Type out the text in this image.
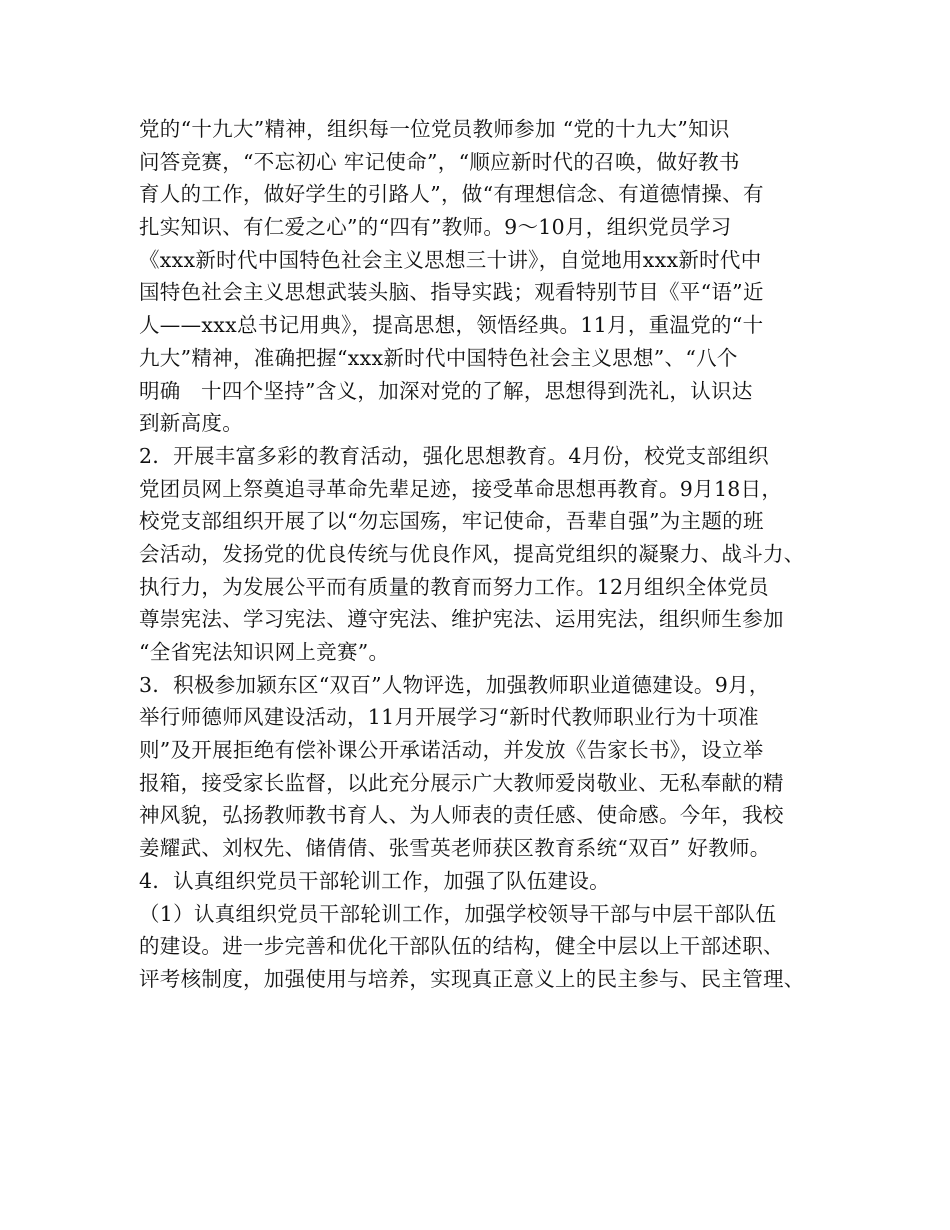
党的“十九大”精神，组织每一位党员教师参加 “党的十九大”知识
问答竞赛，“不忘初心 牢记使命”，“顺应新时代的召唤，做好教书
育人的工作，做好学生的引路人”，做“有理想信念、有道德情操、有
扎实知识、有仁爱之心”的“四有”教师。9～10月，组织党员学习
《xxx新时代中国特色社会主义思想三十讲》，自觉地用xxx新时代中
国特色社会主义思想武装头脑、指导实践；观看特别节目《平“语”近
人——xxx总书记用典》，提高思想，领悟经典。11月，重温党的“十
九大”精神，准确把握“xxx新时代中国特色社会主义思想”、“八个
明确   十四个坚持”含义，加深对党的了解，思想得到洗礼，认识达
到新高度。
2．开展丰富多彩的教育活动，强化思想教育。4月份，校党支部组织
党团员网上祭奠追寻革命先辈足迹，接受革命思想再教育。9月18日，
校党支部组织开展了以“勿忘国殇，牢记使命，吾辈自强”为主题的班
会活动，发扬党的优良传统与优良作风，提高党组织的凝聚力、战斗力、
执行力，为发展公平而有质量的教育而努力工作。12月组织全体党员
尊崇宪法、学习宪法、遵守宪法、维护宪法、运用宪法，组织师生参加
“全省宪法知识网上竞赛”。
3．积极参加颍东区“双百”人物评选，加强教师职业道德建设。9月，
举行师德师风建设活动，11月开展学习“新时代教师职业行为十项准
则”及开展拒绝有偿补课公开承诺活动，并发放《告家长书》，设立举
报箱，接受家长监督，以此充分展示广大教师爱岗敬业、无私奉献的精
神风貌，弘扬教师教书育人、为人师表的责任感、使命感。今年，我校
姜耀武、刘权先、储倩倩、张雪英老师获区教育系统“双百” 好教师。
4．认真组织党员干部轮训工作，加强了队伍建设。
（1）认真组织党员干部轮训工作，加强学校领导干部与中层干部队伍
的建设。进一步完善和优化干部队伍的结构，健全中层以上干部述职、
评考核制度，加强使用与培养，实现真正意义上的民主参与、民主管理、
